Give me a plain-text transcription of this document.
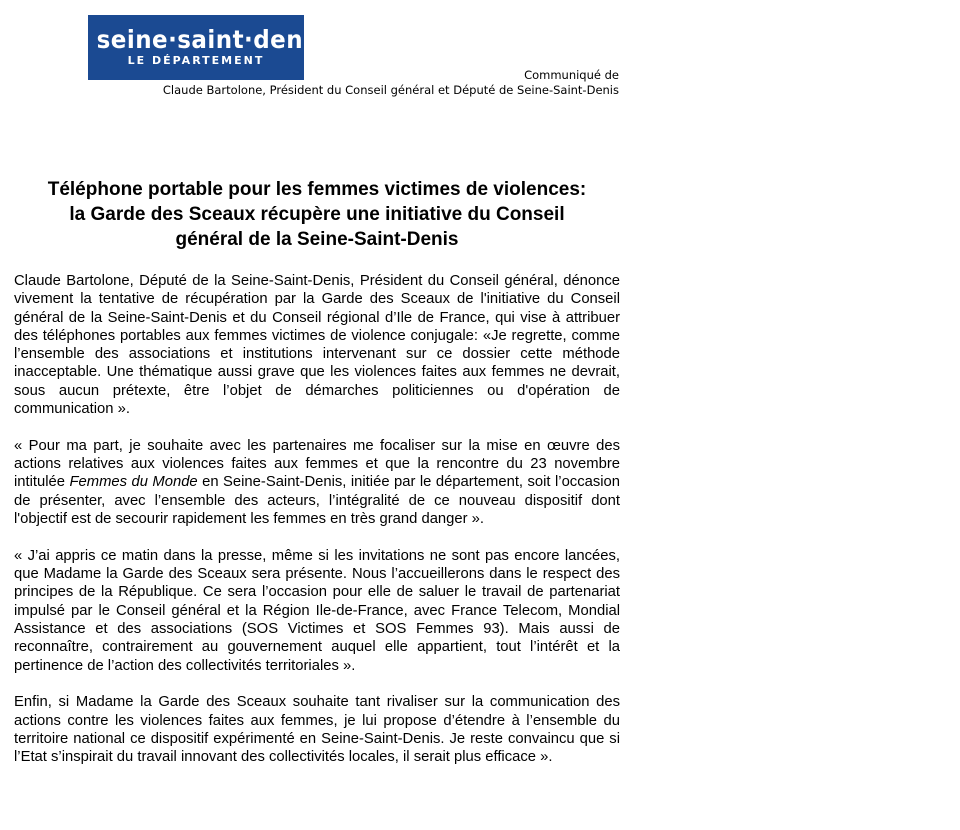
seine·saint·denis
LE DÉPARTEMENT
Communiqué de
Claude Bartolone, Président du Conseil général et Député de Seine-Saint-Denis
Téléphone portable pour les femmes victimes de violences:
la Garde des Sceaux récupère une initiative du Conseil
général de la Seine-Saint-Denis

Claude Bartolone, Député de la Seine-Saint-Denis, Président du Conseil général, dénonce vivement la tentative de récupération par la Garde des Sceaux de l'initiative du Conseil général de la Seine-Saint-Denis et du Conseil régional d’Ile de France, qui vise à attribuer des téléphones portables aux femmes victimes de violence conjugale: «Je regrette, comme l’ensemble des associations et institutions intervenant sur ce dossier cette méthode inacceptable. Une thématique aussi grave que les violences faites aux femmes ne devrait, sous aucun prétexte, être l’objet de démarches politiciennes ou d'opération de communication ».

« Pour ma part, je souhaite avec les partenaires me focaliser sur la mise en œuvre des actions relatives aux violences faites aux femmes et que la rencontre du 23 novembre intitulée Femmes du Monde en Seine-Saint-Denis, initiée par le département, soit l’occasion de présenter, avec l’ensemble des acteurs, l’intégralité de ce nouveau dispositif dont l'objectif est de secourir rapidement les femmes en très grand danger ».

« J’ai appris ce matin dans la presse, même si les invitations ne sont pas encore lancées, que Madame la Garde des Sceaux sera présente. Nous l’accueillerons dans le respect des principes de la République. Ce sera l’occasion pour elle de saluer le travail de partenariat impulsé par le Conseil général et la Région Ile-de-France, avec France Telecom, Mondial Assistance et des associations (SOS Victimes et SOS Femmes 93). Mais aussi de reconnaître, contrairement au gouvernement auquel elle appartient, tout l’intérêt et la pertinence de l’action des collectivités territoriales ».

Enfin, si Madame la Garde des Sceaux souhaite tant rivaliser sur la communication des actions contre les violences faites aux femmes, je lui propose d’étendre à l’ensemble du territoire national ce dispositif expérimenté en Seine-Saint-Denis. Je reste convaincu que si l’Etat s’inspirait du travail innovant des collectivités locales, il serait plus efficace ».
